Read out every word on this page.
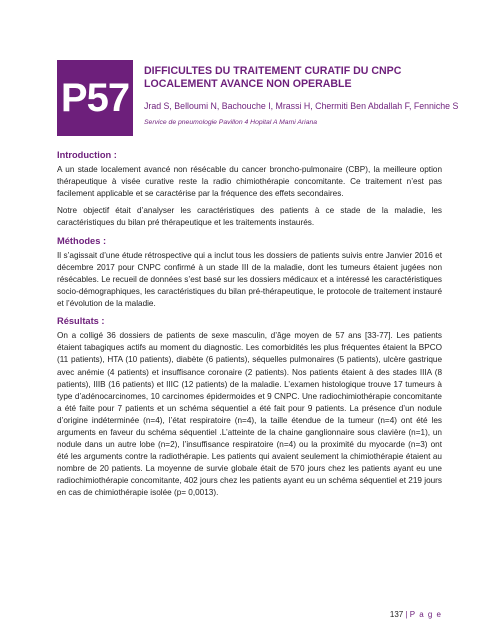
P57
DIFFICULTES DU TRAITEMENT CURATIF DU CNPC
LOCALEMENT AVANCE NON OPERABLE
Jrad S, Belloumi N, Bachouche I, Mrassi H, Chermiti Ben Abdallah F, Fenniche S
Service de pneumologie Pavillon 4 Hopital A Mami Ariana
Introduction :

A un stade localement avancé non résécable du cancer broncho-pulmonaire (CBP), la meilleure option thérapeutique à visée curative reste la radio chimiothérapie concomitante. Ce traitement n’est pas facilement applicable et se caractérise par la fréquence des effets secondaires.

Notre objectif était d’analyser les caractéristiques des patients à ce stade de la maladie, les caractéristiques du bilan pré thérapeutique et les traitements instaurés.

Méthodes :

Il s’agissait d’une étude rétrospective qui a inclut tous les dossiers de patients suivis entre Janvier 2016 et décembre 2017 pour CNPC confirmé à un stade III de la maladie, dont les tumeurs étaient jugées non résécables. Le recueil de données s’est basé sur les dossiers médicaux et a intéressé les caractéristiques socio-démographiques, les caractéristiques du bilan pré-thérapeutique, le protocole de traitement instauré et l’évolution de la maladie.

Résultats :

On a colligé 36 dossiers de patients de sexe masculin, d’âge moyen de 57 ans [33-77]. Les patients étaient tabagiques actifs au moment du diagnostic. Les comorbidités les plus fréquentes étaient la BPCO (11 patients), HTA (10 patients), diabète (6 patients), séquelles pulmonaires (5 patients), ulcère gastrique avec anémie (4 patients) et insuffisance coronaire (2 patients). Nos patients étaient à des stades IIIA (8 patients), IIIB (16 patients) et IIIC (12 patients) de la maladie. L’examen histologique trouve 17 tumeurs à type d’adénocarcinomes, 10 carcinomes épidermoides et 9 CNPC. Une radiochimiothérapie concomitante a été faite pour 7 patients et un schéma séquentiel a été fait pour 9 patients. La présence d’un nodule d’origine indéterminée (n=4), l’état respiratoire (n=4), la taille étendue de la tumeur (n=4) ont été les arguments en faveur du schéma séquentiel .L’atteinte de la chaine ganglionnaire sous clavière (n=1), un nodule dans un autre lobe (n=2), l’insuffisance respiratoire (n=4) ou la proximité du myocarde (n=3) ont été les arguments contre la radiothérapie. Les patients qui avaient seulement la chimiothérapie étaient au nombre de 20 patients. La moyenne de survie globale était de 570 jours chez les patients ayant eu une radiochimiothérapie concomitante, 402 jours chez les patients ayant eu un schéma séquentiel et 219 jours en cas de chimiothérapie isolée (p= 0,0013).

137 | P a g e
